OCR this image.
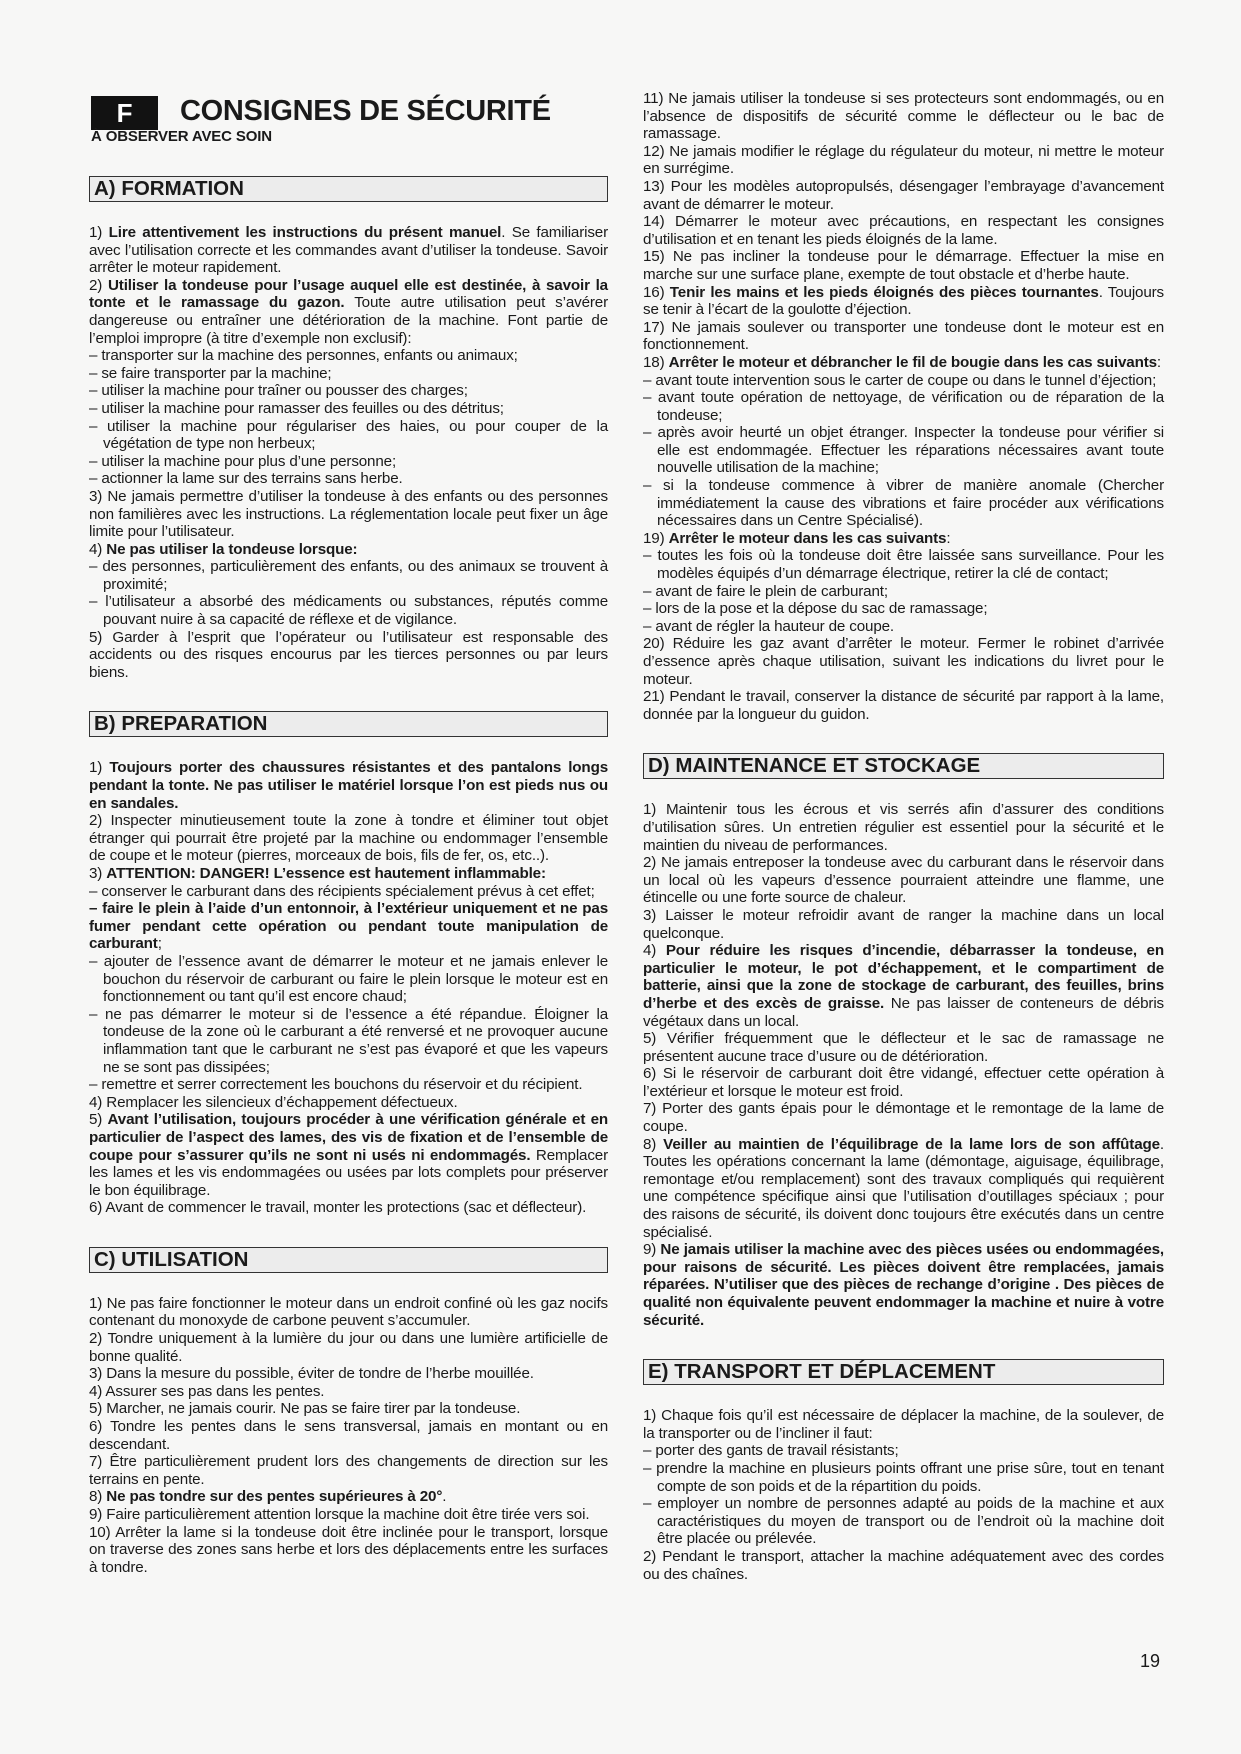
F	CONSIGNES DE SÉCURITÉ
À OBSERVER AVEC SOIN
A) FORMATION

1) Lire attentivement les instructions du présent manuel. Se familiariser avec l’utilisation correcte et les commandes avant d’utiliser la tondeuse. Savoir arrêter le moteur rapidement.

2) Utiliser la tondeuse pour l’usage auquel elle est destinée, à savoir la tonte et le ramassage du gazon. Toute autre utilisation peut s’avérer dangereuse ou entraîner une détérioration de la machine. Font partie de l’emploi impropre (à titre d’exemple non exclusif):

– transporter sur la machine des personnes, enfants ou animaux;

– se faire transporter par la machine;

– utiliser la machine pour traîner ou pousser des charges;

– utiliser la machine pour ramasser des feuilles ou des détritus;

– utiliser la machine pour régulariser des haies, ou pour couper de la végétation de type non herbeux;

– utiliser la machine pour plus d’une personne;

– actionner la lame sur des terrains sans herbe.

3) Ne jamais permettre d’utiliser la tondeuse à des enfants ou des personnes non familières avec les instructions. La réglementation locale peut fixer un âge limite pour l’utilisateur.

4) Ne pas utiliser la tondeuse lorsque:

– des personnes, particulièrement des enfants, ou des animaux se trouvent à proximité;

– l’utilisateur a absorbé des médicaments ou substances, réputés comme pouvant nuire à sa capacité de réflexe et de vigilance.

5) Garder à l’esprit que l’opérateur ou l’utilisateur est responsable des accidents ou des risques encourus par les tierces personnes ou par leurs biens.

B) PREPARATION

1) Toujours porter des chaussures résistantes et des pantalons longs pendant la tonte. Ne pas utiliser le matériel lorsque l’on est pieds nus ou en sandales.

2) Inspecter minutieusement toute la zone à tondre et éliminer tout objet étranger qui pourrait être projeté par la machine ou endommager l’ensemble de coupe et le moteur (pierres, morceaux de bois, fils de fer, os, etc..).

3) ATTENTION: DANGER! L’essence est hautement inflammable:

– conserver le carburant dans des récipients spécialement prévus à cet effet;

– faire le plein à l’aide d’un entonnoir, à l’extérieur uniquement et ne pas fumer pendant cette opération ou pendant toute manipulation de carburant;

– ajouter de l’essence avant de démarrer le moteur et ne jamais enlever le bouchon du réservoir de carburant ou faire le plein lorsque le moteur est en fonctionnement ou tant qu’il est encore chaud;

– ne pas démarrer le moteur si de l’essence a été répandue. Éloigner la tondeuse de la zone où le carburant a été renversé et ne provoquer aucune inflammation tant que le carburant ne s’est pas évaporé et que les vapeurs ne se sont pas dissipées;

– remettre et serrer correctement les bouchons du réservoir et du récipient.

4) Remplacer les silencieux d’échappement défectueux.

5) Avant l’utilisation, toujours procéder à une vérification générale et en particulier de l’aspect des lames, des vis de fixation et de l’ensemble de coupe pour s’assurer qu’ils ne sont ni usés ni endommagés. Remplacer les lames et les vis endommagées ou usées par lots complets pour préserver le bon équilibrage.

6) Avant de commencer le travail, monter les protections (sac et déflecteur).

C) UTILISATION

1) Ne pas faire fonctionner le moteur dans un endroit confiné où les gaz nocifs contenant du monoxyde de carbone peuvent s’accumuler.

2) Tondre uniquement à la lumière du jour ou dans une lumière artificielle de bonne qualité.

3) Dans la mesure du possible, éviter de tondre de l’herbe mouillée.

4) Assurer ses pas dans les pentes.

5) Marcher, ne jamais courir. Ne pas se faire tirer par la tondeuse.

6) Tondre les pentes dans le sens transversal, jamais en montant ou en descendant.

7) Être particulièrement prudent lors des changements de direction sur les terrains en pente.

8) Ne pas tondre sur des pentes supérieures à 20°.

9) Faire particulièrement attention lorsque la machine doit être tirée vers soi.

10) Arrêter la lame si la tondeuse doit être inclinée pour le transport, lorsque on traverse des zones sans herbe et lors des déplacements entre les surfaces à tondre.

11) Ne jamais utiliser la tondeuse si ses protecteurs sont endommagés, ou en l’absence de dispositifs de sécurité comme le déflecteur ou le bac de ramassage.

12) Ne jamais modifier le réglage du régulateur du moteur, ni mettre le moteur en surrégime.

13) Pour les modèles autopropulsés, désengager l’embrayage d’avancement avant de démarrer le moteur.

14) Démarrer le moteur avec précautions, en respectant les consignes d’utilisation et en tenant les pieds éloignés de la lame.

15) Ne pas incliner la tondeuse pour le démarrage. Effectuer la mise en marche sur une surface plane, exempte de tout obstacle et d’herbe haute.

16) Tenir les mains et les pieds éloignés des pièces tournantes. Toujours se tenir à l’écart de la goulotte d’éjection.

17) Ne jamais soulever ou transporter une tondeuse dont le moteur est en fonctionnement.

18) Arrêter le moteur et débrancher le fil de bougie dans les cas suivants:

– avant toute intervention sous le carter de coupe ou dans le tunnel d’éjection;

– avant toute opération de nettoyage, de vérification ou de réparation de la tondeuse;

– après avoir heurté un objet étranger. Inspecter la tondeuse pour vérifier si elle est endommagée. Effectuer les réparations nécessaires avant toute nouvelle utilisation de la machine;

– si la tondeuse commence à vibrer de manière anomale (Chercher immédiatement la cause des vibrations et faire procéder aux vérifications nécessaires dans un Centre Spécialisé).

19) Arrêter le moteur dans les cas suivants:

– toutes les fois où la tondeuse doit être laissée sans surveillance. Pour les modèles équipés d’un démarrage électrique, retirer la clé de contact;

– avant de faire le plein de carburant;

– lors de la pose et la dépose du sac de ramassage;

– avant de régler la hauteur de coupe.

20) Réduire les gaz avant d’arrêter le moteur. Fermer le robinet d’arrivée d’essence après chaque utilisation, suivant les indications du livret pour le moteur.

21) Pendant le travail, conserver la distance de sécurité par rapport à la lame, donnée par la longueur du guidon.

D) MAINTENANCE ET STOCKAGE

1) Maintenir tous les écrous et vis serrés afin d’assurer des conditions d’utilisation sûres. Un entretien régulier est essentiel pour la sécurité et le maintien du niveau de performances.

2) Ne jamais entreposer la tondeuse avec du carburant dans le réservoir dans un local où les vapeurs d’essence pourraient atteindre une flamme, une étincelle ou une forte source de chaleur.

3) Laisser le moteur refroidir avant de ranger la machine dans un local quelconque.

4) Pour réduire les risques d’incendie, débarrasser la tondeuse, en particulier le moteur, le pot d’échappement, et le compartiment de batterie, ainsi que la zone de stockage de carburant, des feuilles, brins d’herbe et des excès de graisse. Ne pas laisser de conteneurs de débris végétaux dans un local.

5) Vérifier fréquemment que le déflecteur et le sac de ramassage ne présentent aucune trace d’usure ou de détérioration.

6) Si le réservoir de carburant doit être vidangé, effectuer cette opération à l’extérieur et lorsque le moteur est froid.

7) Porter des gants épais pour le démontage et le remontage de la lame de coupe.

8) Veiller au maintien de l’équilibrage de la lame lors de son affûtage. Toutes les opérations concernant la lame (démontage, aiguisage, équilibrage, remontage et/ou remplacement) sont des travaux compliqués qui requièrent une compétence spécifique ainsi que l’utilisation d’outillages spéciaux ; pour des raisons de sécurité, ils doivent donc toujours être exécutés dans un centre spécialisé.

9) Ne jamais utiliser la machine avec des pièces usées ou endommagées, pour raisons de sécurité. Les pièces doivent être remplacées, jamais réparées. N’utiliser que des pièces de rechange d’origine . Des pièces de qualité non équivalente peuvent endommager la machine et nuire à votre sécurité.

E) TRANSPORT ET DÉPLACEMENT

1) Chaque fois qu’il est nécessaire de déplacer la machine, de la soulever, de la transporter ou de l’incliner il faut:

– porter des gants de travail résistants;

– prendre la machine en plusieurs points offrant une prise sûre, tout en tenant compte de son poids et de la répartition du poids.

– employer un nombre de personnes adapté au poids de la machine et aux caractéristiques du moyen de transport ou de l’endroit où la machine doit être placée ou prélevée.

2) Pendant le transport, attacher la machine adéquatement avec des cordes ou des chaînes.

19
